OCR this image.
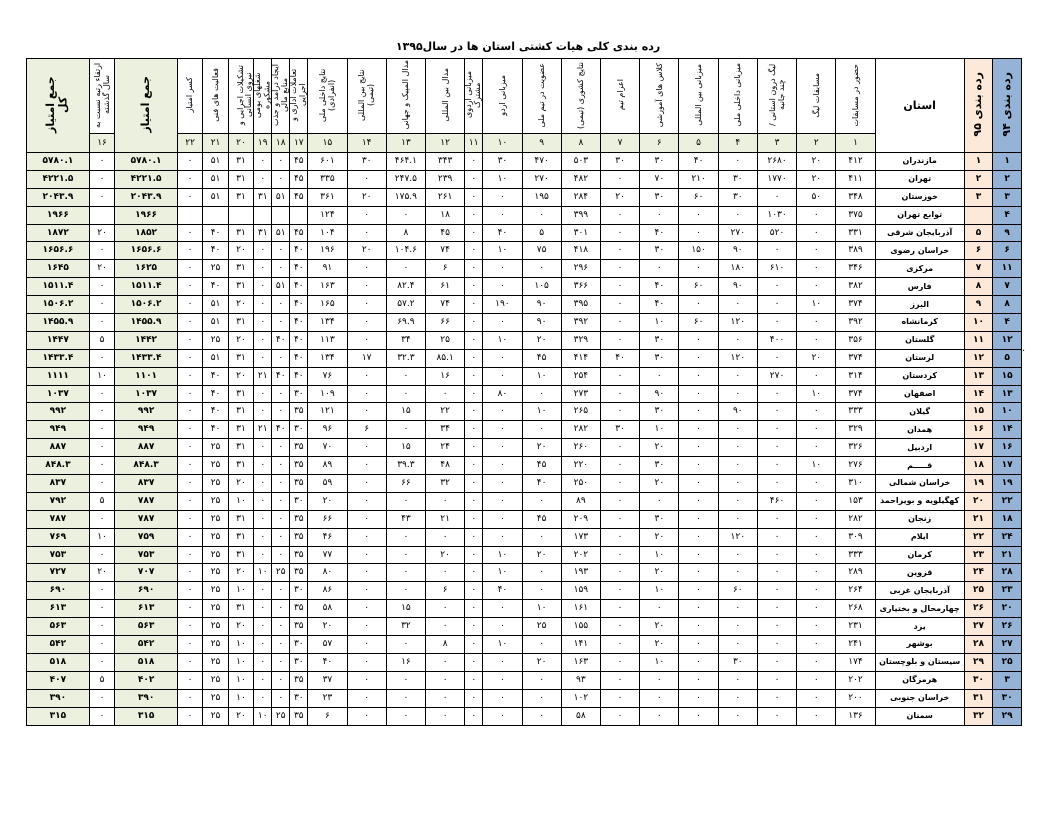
رده بندی کلی هیات کشتی استان ها در سال۱۳۹۵
.
رده بندی ۹۴	رده بندی ۹۵	استان	حضور در مسابقات	مسابقات لیگ	لیگ درون استانی / چند جانبه	میزبانی داخلی ملی	میزبانی بین المللی	کلاس های آموزشی	اعزام تیم	نتایج کشوری (تیمی)	عضویت در تیم ملی	میزبانی اردو	میزبانی اردوی مشترک	مدال بین المللی	مدال المپیک و جهانی	نتایج بین المللی (تیمی)	نتایج داخلی ملی (انفرادی)	تعاملات اداری و اجرایی	ایجاد درآمد و جذب منابع مالی	نیروی انسانی شغلهای بومی مشکوره	تشکیلات اجرایی و	فعالیت های فنی	کسر امتیاز	جمع امتیاز	ارتقاء رتبه نسبت به سال گذشته	جمع امتیاز کل
			۱	۲	۳	۴	۵	۶	۷	۸	۹	۱۰	۱۱	۱۲	۱۳	۱۴	۱۵	۱۷	۱۸	۱۹	۲۰	۲۱	۲۲		۱۶	
۱	۱	مازندران	۴۱۲	۲۰	۲۶۸۰	۰	۴۰	۳۰	۳۰	۵۰۳	۴۷۰	۳۰	۰	۳۴۳	۴۶۴.۱	۳۰	۶۰۱	۴۵	۰	۰	۳۱	۵۱	۰	۵۷۸۰.۱	۰	۵۷۸۰.۱
۲	۲	تهران	۴۱۱	۲۰	۱۷۷۰	۳۰	۲۱۰	۷۰	۰	۴۸۲	۲۷۰	۱۰	۰	۲۳۹	۲۴۷.۵	۰	۳۳۵	۴۵	۰	۰	۳۱	۵۱	۰	۴۲۲۱.۵	۰	۴۲۲۱.۵
۳	۳	خوزستان	۳۴۸	۵۰	۰	۳۰	۶۰	۳۰	۲۰	۲۸۴	۱۹۵	۰	۰	۲۶۱	۱۷۵.۹	۲۰	۳۶۱	۴۵	۵۱	۳۱	۳۱	۵۱	۰	۲۰۴۳.۹	۰	۲۰۴۳.۹
۴		توابع تهران	۳۷۵	۰	۱۰۳۰	۰	۰	۰	۰	۳۹۹	۰	۰	۰	۱۸	۰	۰	۱۲۴							۱۹۶۶		۱۹۶۶
۹	۵	آذربایجان شرقی	۳۳۱	۰	۵۲۰	۲۷۰	۰	۴۰	۰	۳۰۱	۵	۴۰	۰	۴۵	۸	۰	۱۰۴	۴۵	۵۱	۳۱	۳۱	۴۰	۰	۱۸۵۲	۲۰	۱۸۷۲
۶	۶	خراسان رضوی	۳۸۹	۰	۰	۹۰	۱۵۰	۳۰	۰	۴۱۸	۷۵	۱۰	۰	۷۴	۱۰۴.۶	۲۰	۱۹۶	۴۰	۰	۰	۲۰	۴۰	۰	۱۶۵۶.۶	۰	۱۶۵۶.۶
۱۱	۷	مرکزی	۳۴۶	۰	۶۱۰	۱۸۰	۰	۰	۰	۲۹۶	۰	۰	۰	۶	۰	۰	۹۱	۴۰	۰	۰	۳۱	۲۵	۰	۱۶۲۵	۲۰	۱۶۴۵
۷	۸	فارس	۳۸۲	۰	۰	۹۰	۶۰	۴۰	۰	۳۶۶	۱۰۵	۰	۰	۶۱	۸۲.۴	۰	۱۶۳	۴۰	۵۱	۰	۳۱	۴۰	۰	۱۵۱۱.۴	۰	۱۵۱۱.۴
۸	۹	البرز	۳۷۴	۱۰	۰	۰	۰	۴۰	۰	۳۹۵	۹۰	۱۹۰	۰	۷۴	۵۷.۲	۰	۱۶۵	۴۰	۰	۰	۲۰	۵۱	۰	۱۵۰۶.۲	۰	۱۵۰۶.۲
۴	۱۰	کرمانشاه	۳۹۲	۰	۰	۱۲۰	۶۰	۱۰	۰	۳۹۲	۹۰	۰	۰	۶۶	۶۹.۹	۰	۱۳۴	۴۰	۰	۰	۳۱	۵۱	۰	۱۴۵۵.۹	۰	۱۴۵۵.۹
۱۲	۱۱	گلستان	۳۵۶	۰	۴۰۰	۰	۰	۳۰	۰	۳۲۹	۲۰	۱۰	۰	۲۵	۳۴	۰	۱۱۳	۴۰	۴۰	۰	۲۰	۲۵	۰	۱۴۴۲	۵	۱۴۴۷
۵	۱۲	لرستان	۳۷۴	۲۰	۰	۱۲۰	۰	۳۰	۴۰	۴۱۴	۴۵	۰	۰	۸۵.۱	۳۲.۳	۱۷	۱۳۴	۴۰	۰	۰	۳۱	۵۱	۰	۱۴۳۳.۴	۰	۱۴۳۳.۴
۱۵	۱۳	کردستان	۳۱۴	۰	۲۷۰	۰	۰	۰	۰	۲۵۴	۱۰	۰	۰	۱۶	۰	۰	۷۶	۴۰	۴۰	۲۱	۲۰	۴۰	۰	۱۱۰۱	۱۰	۱۱۱۱
۱۳	۱۴	اصفهان	۳۷۴	۱۰	۰	۰	۰	۹۰	۰	۲۷۳	۰	۸۰	۰	۰	۰	۰	۱۰۹	۳۰	۰	۰	۳۱	۴۰	۰	۱۰۳۷	۰	۱۰۳۷
۱۰	۱۵	گیلان	۳۳۳	۰	۰	۹۰	۰	۳۰	۰	۲۶۵	۱۰	۰	۰	۲۲	۱۵	۰	۱۲۱	۳۵	۰	۰	۳۱	۴۰	۰	۹۹۲	۰	۹۹۲
۱۴	۱۶	همدان	۳۲۹	۰	۰	۰	۰	۱۰	۳۰	۲۸۲	۰	۰	۰	۳۴	۰	۶	۹۶	۳۰	۴۰	۲۱	۳۱	۴۰	۰	۹۴۹	۰	۹۴۹
۱۶	۱۷	اردبیل	۳۲۶	۰	۰	۰	۰	۲۰	۰	۲۶۰	۲۰	۰	۰	۲۴	۱۵	۰	۷۰	۳۵	۰	۰	۳۱	۲۵	۰	۸۸۷	۰	۸۸۷
۱۷	۱۸	قـــــم	۲۷۶	۱۰	۰	۰	۰	۳۰	۰	۲۲۰	۴۵	۰	۰	۴۸	۳۹.۳	۰	۸۹	۳۵	۰	۰	۳۱	۲۵	۰	۸۴۸.۳	۰	۸۴۸.۳
۱۹	۱۹	خراسان شمالی	۳۱۰	۰	۰	۰	۰	۲۰	۰	۲۵۰	۴۰	۰	۰	۳۲	۶۶	۰	۵۹	۳۵	۰	۰	۲۰	۲۵	۰	۸۳۷	۰	۸۳۷
۲۲	۲۰	کهگیلویه و بویراحمد	۱۵۳	۰	۴۶۰	۰	۰	۰	۰	۸۹	۰	۰	۰	۰	۰	۰	۲۰	۳۰	۰	۰	۱۰	۲۵	۰	۷۸۷	۵	۷۹۲
۱۸	۲۱	زنجان	۲۸۲	۰	۰	۰	۰	۳۰	۰	۲۰۹	۴۵	۰	۰	۲۱	۴۳	۰	۶۶	۳۵	۰	۰	۳۱	۲۵	۰	۷۸۷	۰	۷۸۷
۲۴	۲۲	ایلام	۳۰۹	۰	۰	۱۲۰	۰	۲۰	۰	۱۷۳	۰	۰	۰	۰	۰	۰	۴۶	۳۵	۰	۰	۳۱	۲۵	۰	۷۵۹	۱۰	۷۶۹
۲۱	۲۳	کرمان	۳۳۳	۰	۰	۰	۰	۱۰	۰	۲۰۲	۲۰	۱۰	۰	۲۰	۰	۰	۷۷	۳۵	۰	۰	۳۱	۲۵	۰	۷۵۳	۰	۷۵۳
۲۸	۲۴	قزوین	۲۸۹	۰	۰	۰	۰	۲۰	۰	۱۹۳	۰	۱۰	۰	۰	۰	۰	۸۰	۳۵	۲۵	۱۰	۲۰	۲۵	۰	۷۰۷	۲۰	۷۲۷
۲۳	۲۵	آذربایجان غربی	۲۶۴	۰	۰	۶۰	۰	۱۰	۰	۱۵۹	۰	۴۰	۰	۶	۰	۰	۸۶	۳۰	۰	۰	۱۰	۲۵	۰	۶۹۰	۰	۶۹۰
۲۰	۲۶	چهارمحال و بختیاری	۲۶۸	۰	۰	۰	۰	۰	۰	۱۶۱	۱۰	۰	۰	۰	۱۵	۰	۵۸	۳۵	۰	۰	۳۱	۲۵	۰	۶۱۳	۰	۶۱۳
۲۶	۲۷	یزد	۲۳۱	۰	۰	۰	۰	۲۰	۰	۱۵۵	۲۵	۰	۰	۰	۳۲	۰	۲۰	۳۵	۰	۰	۲۰	۲۵	۰	۵۶۳	۰	۵۶۳
۲۷	۲۸	بوشهر	۲۴۱	۰	۰	۰	۰	۲۰	۰	۱۴۱	۰	۱۰	۰	۸	۰	۰	۵۷	۳۰	۰	۰	۱۰	۲۵	۰	۵۴۲	۰	۵۴۲
۲۵	۲۹	سیستان و بلوچستان	۱۷۴	۰	۰	۳۰	۰	۱۰	۰	۱۶۳	۲۰	۰	۰	۰	۱۶	۰	۴۰	۳۰	۰	۰	۱۰	۲۵	۰	۵۱۸	۰	۵۱۸
۳	۳۰	هرمزگان	۲۰۲	۰	۰	۰	۰	۰	۰	۹۳	۰	۰	۰	۰	۰	۰	۳۷	۳۵	۰	۰	۱۰	۲۵	۰	۴۰۲	۵	۴۰۷
۳۰	۳۱	خراسان جنوبی	۲۰۰	۰	۰	۰	۰	۰	۰	۱۰۲	۰	۰	۰	۰	۰	۰	۲۳	۳۰	۰	۰	۱۰	۲۵	۰	۳۹۰	۰	۳۹۰
۲۹	۳۲	سمنان	۱۳۶	۰	۰	۰	۰	۰	۰	۵۸	۰	۰	۰	۰	۰	۰	۶	۳۵	۲۵	۱۰	۲۰	۲۵	۰	۳۱۵	۰	۳۱۵
